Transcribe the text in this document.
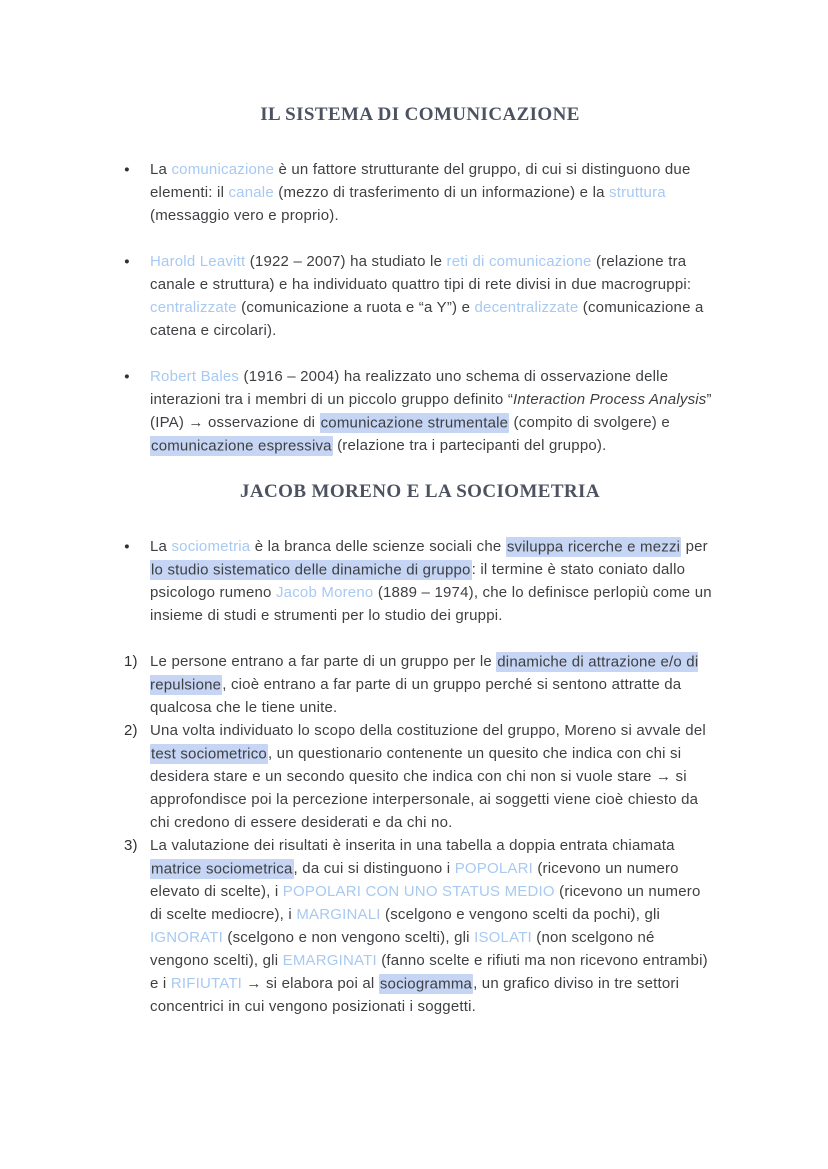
IL SISTEMA DI COMUNICAZIONE
●	La comunicazione è un fattore strutturante del gruppo, di cui si distinguono due elementi: il canale (mezzo di trasferimento di un informazione) e la struttura (messaggio vero e proprio).
●	Harold Leavitt (1922 – 2007) ha studiato le reti di comunicazione (relazione tra canale e struttura) e ha individuato quattro tipi di rete divisi in due macrogruppi: centralizzate (comunicazione a ruota e “a Y”) e decentralizzate (comunicazione a catena e circolari).
●	Robert Bales (1916 – 2004) ha realizzato uno schema di osservazione delle interazioni tra i membri di un piccolo gruppo definito “Interaction Process Analysis” (IPA) → osservazione di comunicazione strumentale (compito di svolgere) e comunicazione espressiva (relazione tra i partecipanti del gruppo).
JACOB MORENO E LA SOCIOMETRIA
●	La sociometria è la branca delle scienze sociali che sviluppa ricerche e mezzi per lo studio sistematico delle dinamiche di gruppo: il termine è stato coniato dallo psicologo rumeno Jacob Moreno (1889 – 1974), che lo definisce perlopiù come un insieme di studi e strumenti per lo studio dei gruppi.
1) Le persone entrano a far parte di un gruppo per le dinamiche di attrazione e/o di repulsione, cioè entrano a far parte di un gruppo perché si sentono attratte da qualcosa che le tiene unite.
2) Una volta individuato lo scopo della costituzione del gruppo, Moreno si avvale del test sociometrico, un questionario contenente un quesito che indica con chi si desidera stare e un secondo quesito che indica con chi non si vuole stare → si approfondisce poi la percezione interpersonale, ai soggetti viene cioè chiesto da chi credono di essere desiderati e da chi no.
3) La valutazione dei risultati è inserita in una tabella a doppia entrata chiamata matrice sociometrica, da cui si distinguono i POPOLARI (ricevono un numero elevato di scelte), i POPOLARI CON UNO STATUS MEDIO (ricevono un numero di scelte mediocre), i MARGINALI (scelgono e vengono scelti da pochi), gli IGNORATI (scelgono e non vengono scelti), gli ISOLATI (non scelgono né vengono scelti), gli EMARGINATI (fanno scelte e rifiuti ma non ricevono entrambi) e i RIFIUTATI → si elabora poi al sociogramma, un grafico diviso in tre settori concentrici in cui vengono posizionati i soggetti.
